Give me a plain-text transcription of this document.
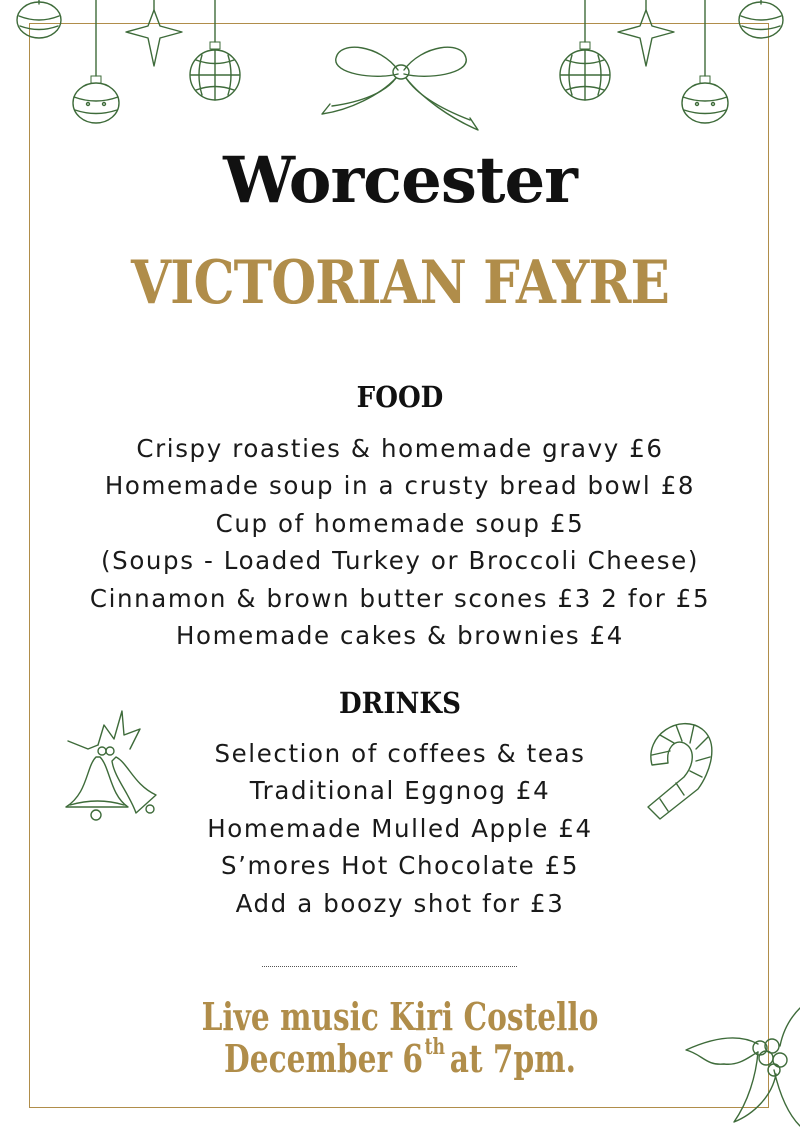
Worcester
VICTORIAN FAYRE
FOOD
Crispy roasties & homemade gravy £6
Homemade soup in a crusty bread bowl £8
Cup of homemade soup £5
(Soups - Loaded Turkey or Broccoli Cheese)
Cinnamon & brown butter scones £3 2 for £5
Homemade cakes & brownies £4
DRINKS
Selection of coffees & teas
Traditional Eggnog £4
Homemade Mulled Apple £4
S’mores Hot Chocolate £5
Add a boozy shot for £3
Live music Kiri Costello
December 6th at 7pm.
